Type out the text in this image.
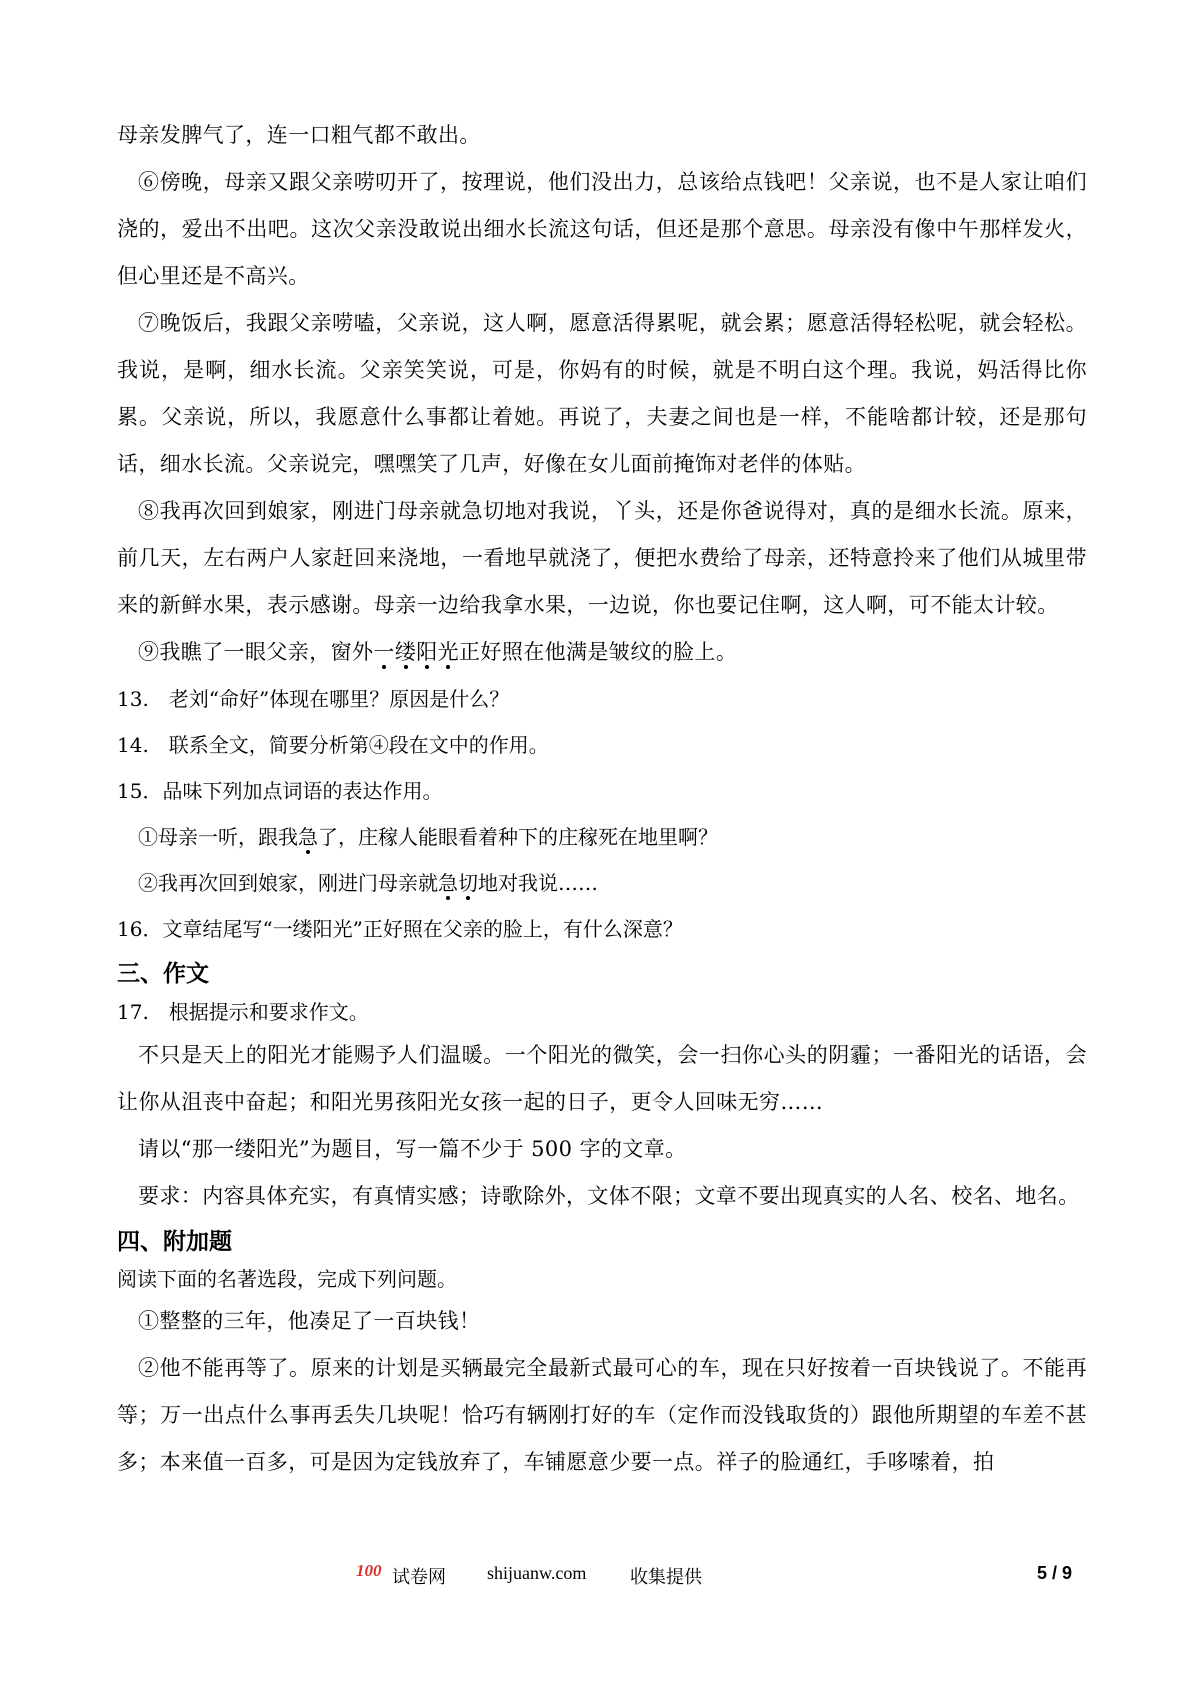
母亲发脾气了，连一口粗气都不敢出。

⑥傍晚，母亲又跟父亲唠叨开了，按理说，他们没出力，总该给点钱吧！父亲说，也不是人家让咱们浇的，爱出不出吧。这次父亲没敢说出细水长流这句话，但还是那个意思。母亲没有像中午那样发火，但心里还是不高兴。

⑦晚饭后，我跟父亲唠嗑，父亲说，这人啊，愿意活得累呢，就会累；愿意活得轻松呢，就会轻松。我说，是啊，细水长流。父亲笑笑说，可是，你妈有的时候，就是不明白这个理。我说，妈活得比你累。父亲说，所以，我愿意什么事都让着她。再说了，夫妻之间也是一样，不能啥都计较，还是那句话，细水长流。父亲说完，嘿嘿笑了几声，好像在女儿面前掩饰对老伴的体贴。

⑧我再次回到娘家，刚进门母亲就急切地对我说，丫头，还是你爸说得对，真的是细水长流。原来，前几天，左右两户人家赶回来浇地，一看地早就浇了，便把水费给了母亲，还特意拎来了他们从城里带来的新鲜水果，表示感谢。母亲一边给我拿水果，一边说，你也要记住啊，这人啊，可不能太计较。

⑨我瞧了一眼父亲，窗外一缕阳光正好照在他满是皱纹的脸上。

13.　老刘“命好”体现在哪里？原因是什么？

14.　联系全文，简要分析第④段在文中的作用。

15．品味下列加点词语的表达作用。

①母亲一听，跟我急了，庄稼人能眼看着种下的庄稼死在地里啊？

②我再次回到娘家，刚进门母亲就急切地对我说……

16．文章结尾写“一缕阳光”正好照在父亲的脸上，有什么深意？

三、作文

17.　根据提示和要求作文。

不只是天上的阳光才能赐予人们温暖。一个阳光的微笑，会一扫你心头的阴霾；一番阳光的话语，会让你从沮丧中奋起；和阳光男孩阳光女孩一起的日子，更令人回味无穷……

请以“那一缕阳光”为题目，写一篇不少于 500 字的文章。

要求：内容具体充实，有真情实感；诗歌除外，文体不限；文章不要出现真实的人名、校名、地名。

四、附加题

阅读下面的名著选段，完成下列问题。

①整整的三年，他凑足了一百块钱！

②他不能再等了。原来的计划是买辆最完全最新式最可心的车，现在只好按着一百块钱说了。不能再等；万一出点什么事再丢失几块呢！恰巧有辆刚打好的车（定作而没钱取货的）跟他所期望的车差不甚多；本来值一百多，可是因为定钱放弃了，车铺愿意少要一点。祥子的脸通红，手哆嗦着，拍

100 试卷网 shijuanw.com 收集提供	5 / 9
